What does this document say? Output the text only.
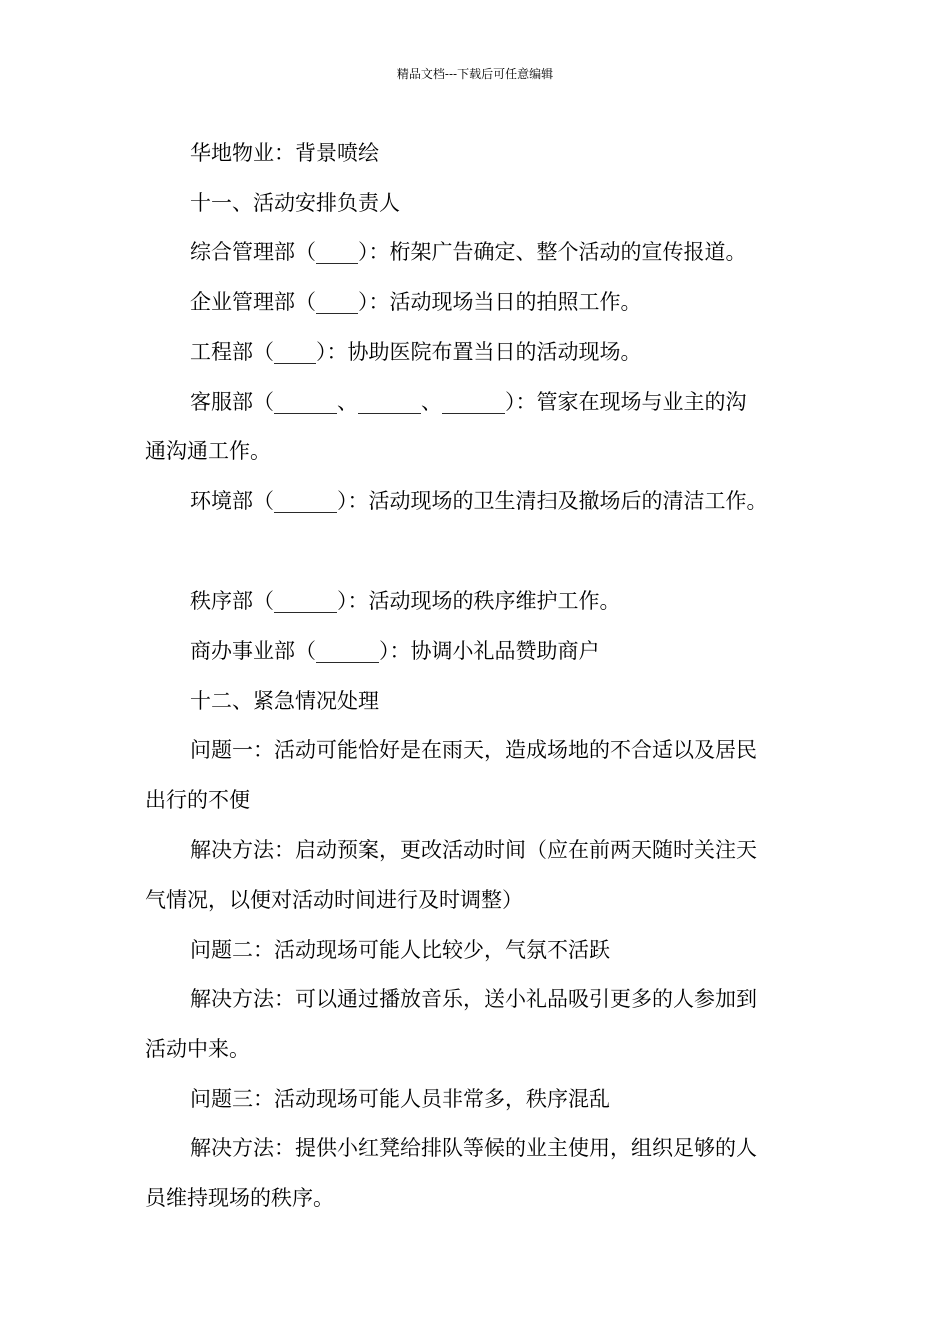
精品文档---下载后可任意编辑
华地物业：背景喷绘
十一、活动安排负责人
综合管理部（____）：桁架广告确定、整个活动的宣传报道。
企业管理部（____）：活动现场当日的拍照工作。
工程部（____）：协助医院布置当日的活动现场。
客服部（______、______、______）：管家在现场与业主的沟
通沟通工作。
环境部（______）：活动现场的卫生清扫及撤场后的清洁工作。
秩序部（______）：活动现场的秩序维护工作。
商办事业部（______）：协调小礼品赞助商户
十二、紧急情况处理
问题一：活动可能恰好是在雨天，造成场地的不合适以及居民
出行的不便
解决方法：启动预案，更改活动时间（应在前两天随时关注天
气情况，以便对活动时间进行及时调整）
问题二：活动现场可能人比较少，气氛不活跃
解决方法：可以通过播放音乐，送小礼品吸引更多的人参加到
活动中来。
问题三：活动现场可能人员非常多，秩序混乱
解决方法：提供小红凳给排队等候的业主使用，组织足够的人
员维持现场的秩序。
